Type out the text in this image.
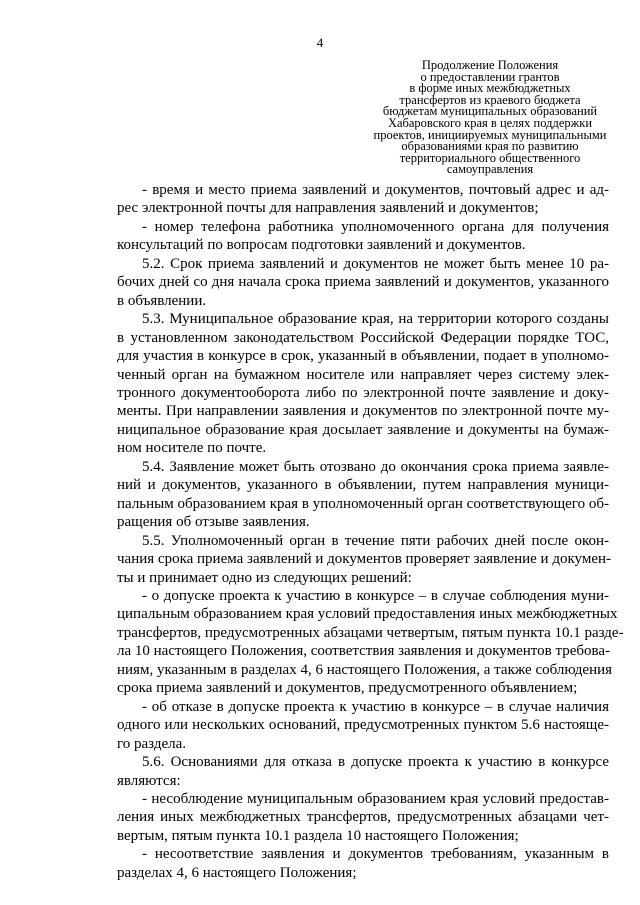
4
Продолжение Положения
о предоставлении грантов
в форме иных межбюджетных
трансфертов из краевого бюджета
бюджетам муниципальных образований
Хабаровского края в целях поддержки
проектов, инициируемых муниципальными
образованиями края по развитию
территориального общественного
самоуправления
- время и место приема заявлений и документов, почтовый адрес и ад-
рес электронной почты для направления заявлений и документов;
- номер телефона работника уполномоченного органа для получения
консультаций по вопросам подготовки заявлений и документов.
5.2. Срок приема заявлений и документов не может быть менее 10 ра-
бочих дней со дня начала срока приема заявлений и документов, указанного
в объявлении.
5.3. Муниципальное образование края, на территории которого созданы
в установленном законодательством Российской Федерации порядке ТОС,
для участия в конкурсе в срок, указанный в объявлении, подает в уполномо-
ченный орган на бумажном носителе или направляет через систему элек-
тронного документооборота либо по электронной почте заявление и доку-
менты. При направлении заявления и документов по электронной почте му-
ниципальное образование края досылает заявление и документы на бумаж-
ном носителе по почте.
5.4. Заявление может быть отозвано до окончания срока приема заявле-
ний и документов, указанного в объявлении, путем направления муници-
пальным образованием края в уполномоченный орган соответствующего об-
ращения об отзыве заявления.
5.5. Уполномоченный орган в течение пяти рабочих дней после окон-
чания срока приема заявлений и документов проверяет заявление и докумен-
ты и принимает одно из следующих решений:
- о допуске проекта к участию в конкурсе – в случае соблюдения муни-
ципальным образованием края условий предоставления иных межбюджетных
трансфертов, предусмотренных абзацами четвертым, пятым пункта 10.1 разде-
ла 10 настоящего Положения, соответствия заявления и документов требова-
ниям, указанным в разделах 4, 6 настоящего Положения, а также соблюдения
срока приема заявлений и документов, предусмотренного объявлением;
- об отказе в допуске проекта к участию в конкурсе – в случае наличия
одного или нескольких оснований, предусмотренных пунктом 5.6 настояще-
го раздела.
5.6. Основаниями для отказа в допуске проекта к участию в конкурсе
являются:
- несоблюдение муниципальным образованием края условий предостав-
ления иных межбюджетных трансфертов, предусмотренных абзацами чет-
вертым, пятым пункта 10.1 раздела 10 настоящего Положения;
- несоответствие заявления и документов требованиям, указанным в
разделах 4, 6 настоящего Положения;
